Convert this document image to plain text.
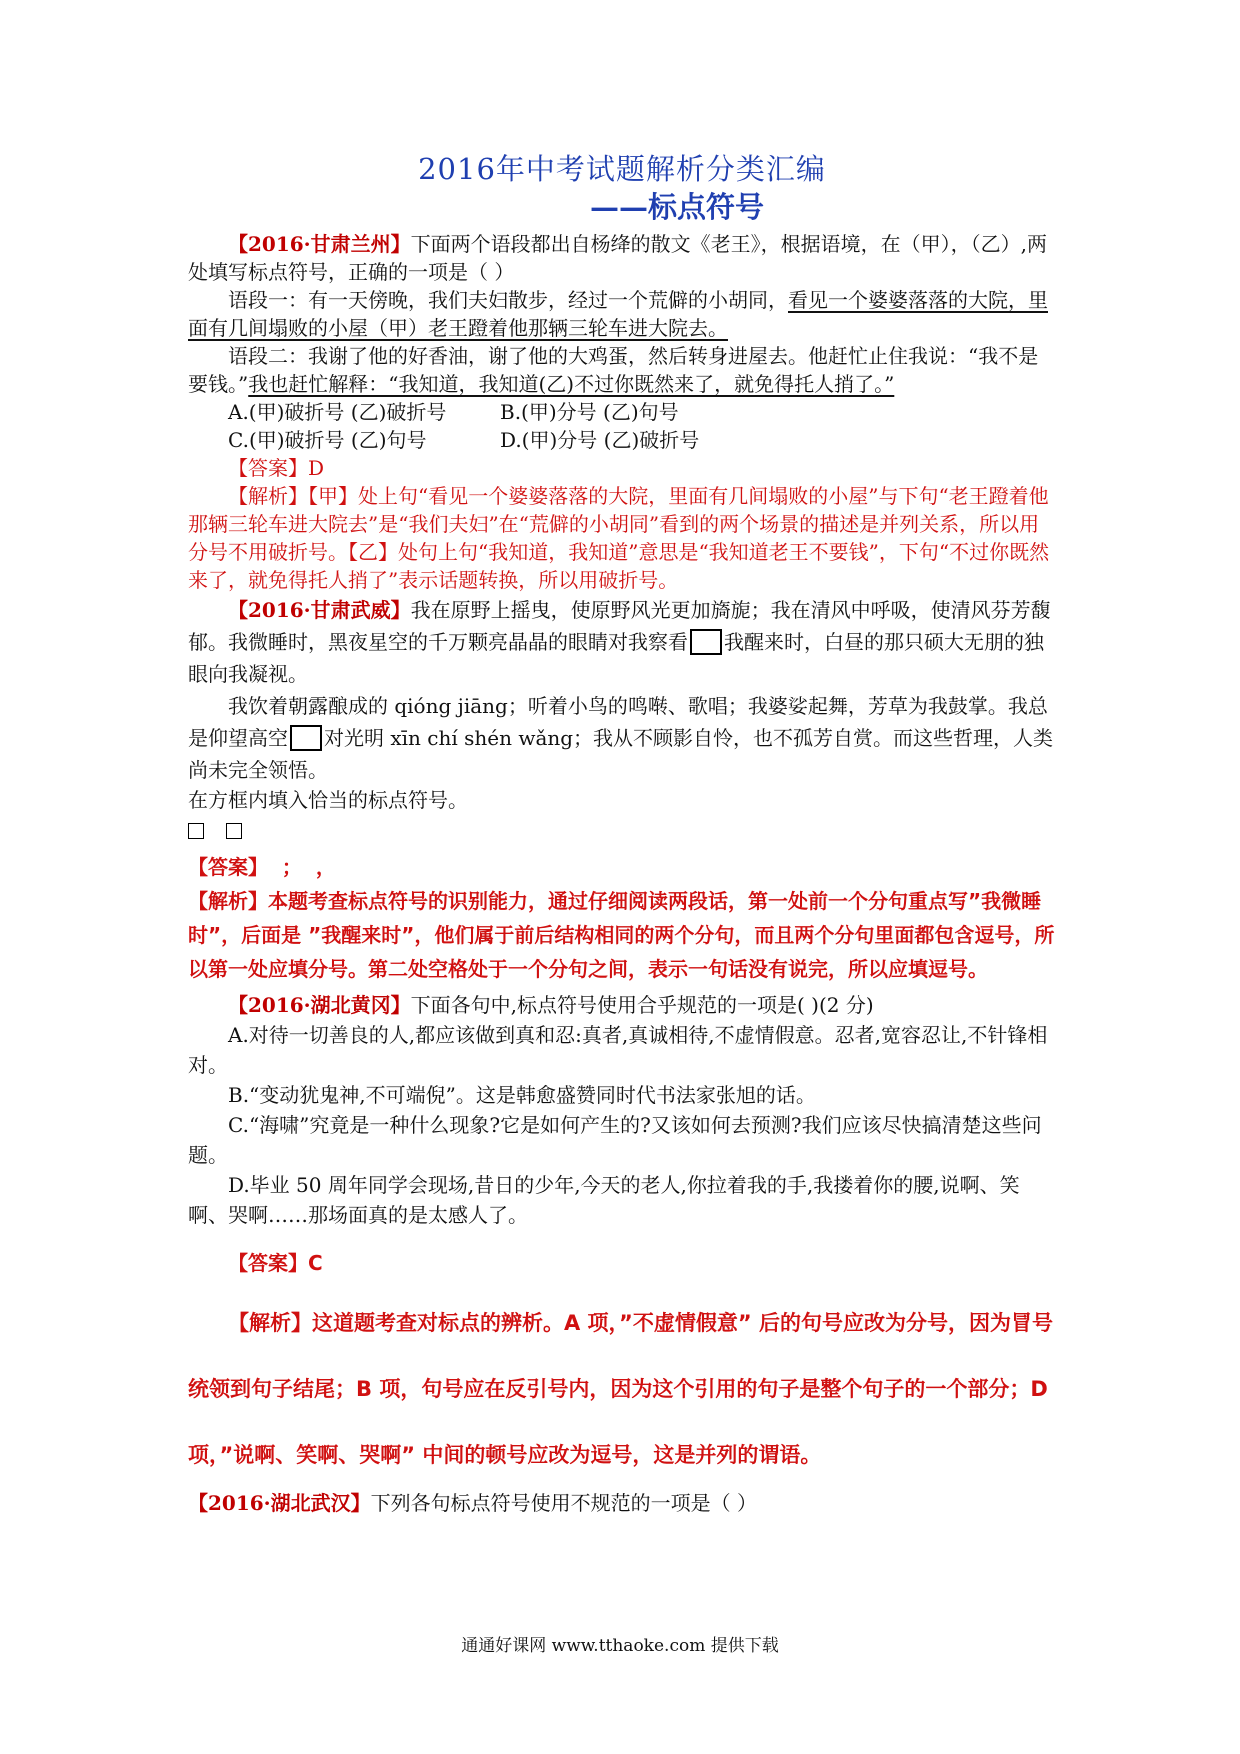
2016年中考试题解析分类汇编
——标点符号

【2016·甘肃兰州】下面两个语段都出自杨绛的散文《老王》，根据语境，在（甲），（乙）,两处填写标点符号，正确的一项是（ ）

语段一：有一天傍晚，我们夫妇散步，经过一个荒僻的小胡同，看见一个婆婆落落的大院，里面有几间塌败的小屋（甲）老王蹬着他那辆三轮车进大院去。

语段二：我谢了他的好香油，谢了他的大鸡蛋，然后转身进屋去。他赶忙止住我说：“我不是要钱。”我也赶忙解释：“我知道，我知道(乙)不过你既然来了，就免得托人捎了。”

A.(甲)破折号 (乙)破折号	B.(甲)分号 (乙)句号
C.(甲)破折号 (乙)句号	D.(甲)分号 (乙)破折号

【答案】D

【解析】【甲】处上句“看见一个婆婆落落的大院，里面有几间塌败的小屋”与下句“老王蹬着他那辆三轮车进大院去”是“我们夫妇”在“荒僻的小胡同”看到的两个场景的描述是并列关系，所以用分号不用破折号。【乙】处句上句“我知道，我知道”意思是“我知道老王不要钱”，下句“不过你既然来了，就免得托人捎了”表示话题转换，所以用破折号。

【2016·甘肃武威】我在原野上摇曳，使原野风光更加旖旎；我在清风中呼吸，使清风芬芳馥郁。我微睡时，黑夜星空的千万颗亮晶晶的眼睛对我察看 我醒来时，白昼的那只硕大无朋的独眼向我凝视。

我饮着朝露酿成的 qióng jiāng；听着小鸟的鸣啭、歌唱；我婆娑起舞，芳草为我鼓掌。我总是仰望高空 对光明 xīn chí shén wǎng；我从不顾影自怜，也不孤芳自赏。而这些哲理，人类尚未完全领悟。

在方框内填入恰当的标点符号。

【答案】  ；  ，

【解析】本题考查标点符号的识别能力，通过仔细阅读两段话，第一处前一个分句重点写”我微睡时”，后面是 ”我醒来时”，他们属于前后结构相同的两个分句，而且两个分句里面都包含逗号，所以第一处应填分号。第二处空格处于一个分句之间，表示一句话没有说完，所以应填逗号。

【2016·湖北黄冈】下面各句中,标点符号使用合乎规范的一项是( )(2 分)

A.对待一切善良的人,都应该做到真和忍:真者,真诚相待,不虚情假意。忍者,宽容忍让,不针锋相对。

B.“变动犹鬼神,不可端倪”。这是韩愈盛赞同时代书法家张旭的话。

C.“海啸”究竟是一种什么现象?它是如何产生的?又该如何去预测?我们应该尽快搞清楚这些问题。

D.毕业 50 周年同学会现场,昔日的少年,今天的老人,你拉着我的手,我搂着你的腰,说啊、笑啊、哭啊……那场面真的是太感人了。

【答案】C

【解析】这道题考查对标点的辨析。A 项，”不虚情假意” 后的句号应改为分号，因为冒号统领到句子结尾；B 项，句号应在反引号内，因为这个引用的句子是整个句子的一个部分；D 项，”说啊、笑啊、哭啊” 中间的顿号应改为逗号，这是并列的谓语。

【2016·湖北武汉】下列各句标点符号使用不规范的一项是（ ）

通通好课网 www.tthaoke.com 提供下载
